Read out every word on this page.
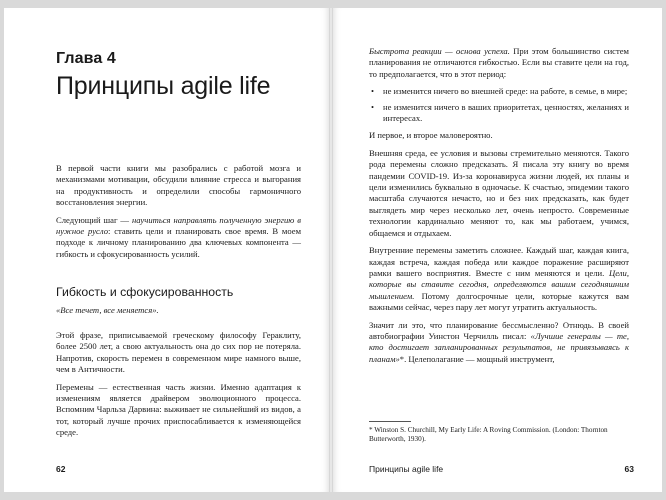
Глава 4
Принципы agile life

В первой части книги мы разобрались с работой мозга и механизмами мотивации, обсудили влияние стресса и выгорания на продуктивность и определили способы гармоничного восстановления энергии.

Следующий шаг — научиться направлять полученную энергию в нужное русло: ставить цели и планировать свое время. В моем подходе к личному планированию два ключевых компонента — гибкость и сфокусированность усилий.

Гибкость и сфокусированность
«Все течет, все меняется».

Этой фразе, приписываемой греческому философу Гераклиту, более 2500 лет, а свою актуальность она до сих пор не потеряла. Напротив, скорость перемен в современном мире намного выше, чем в Античности.

Перемены — естественная часть жизни. Именно адаптация к изменениям является драйвером эволюционного процесса. Вспомним Чарльза Дарвина: выживает не сильнейший из видов, а тот, который лучше прочих приспосабливается к изменяющейся среде.

62

Быстрота реакции — основа успеха. При этом большинство систем планирования не отличаются гибкостью. Если вы ставите цели на год, то предполагается, что в этот период:

• не изменится ничего во внешней среде: на работе, в семье, в мире;
• не изменится ничего в ваших приоритетах, ценностях, желаниях и интересах.

И первое, и второе маловероятно.

Внешняя среда, ее условия и вызовы стремительно меняются. Такого рода перемены сложно предсказать. Я писала эту книгу во время пандемии COVID-19. Из-за коронавируса жизни людей, их планы и цели изменились буквально в одночасье. К счастью, эпидемии такого масштаба случаются нечасто, но и без них предсказать, как будет выглядеть мир через несколько лет, очень непросто. Современные технологии кардинально меняют то, как мы работаем, учимся, общаемся и отдыхаем.

Внутренние перемены заметить сложнее. Каждый шаг, каждая книга, каждая встреча, каждая победа или каждое поражение расширяют рамки вашего восприятия. Вместе с ним меняются и цели. Цели, которые вы ставите сегодня, определяются вашим сегодняшним мышлением. Потому долгосрочные цели, которые кажутся вам важными сейчас, через пару лет могут утратить актуальность.

Значит ли это, что планирование бессмысленно? Отнюдь. В своей автобиографии Уинстон Черчилль писал: «Лучшие генералы — те, кто достигает запланированных результатов, не привязываясь к планам»*. Целеполагание — мощный инструмент,

* Winston S. Churchill, My Early Life: A Roving Commission. (London: Thornton Butterworth, 1930).
Принципы agile life	63
